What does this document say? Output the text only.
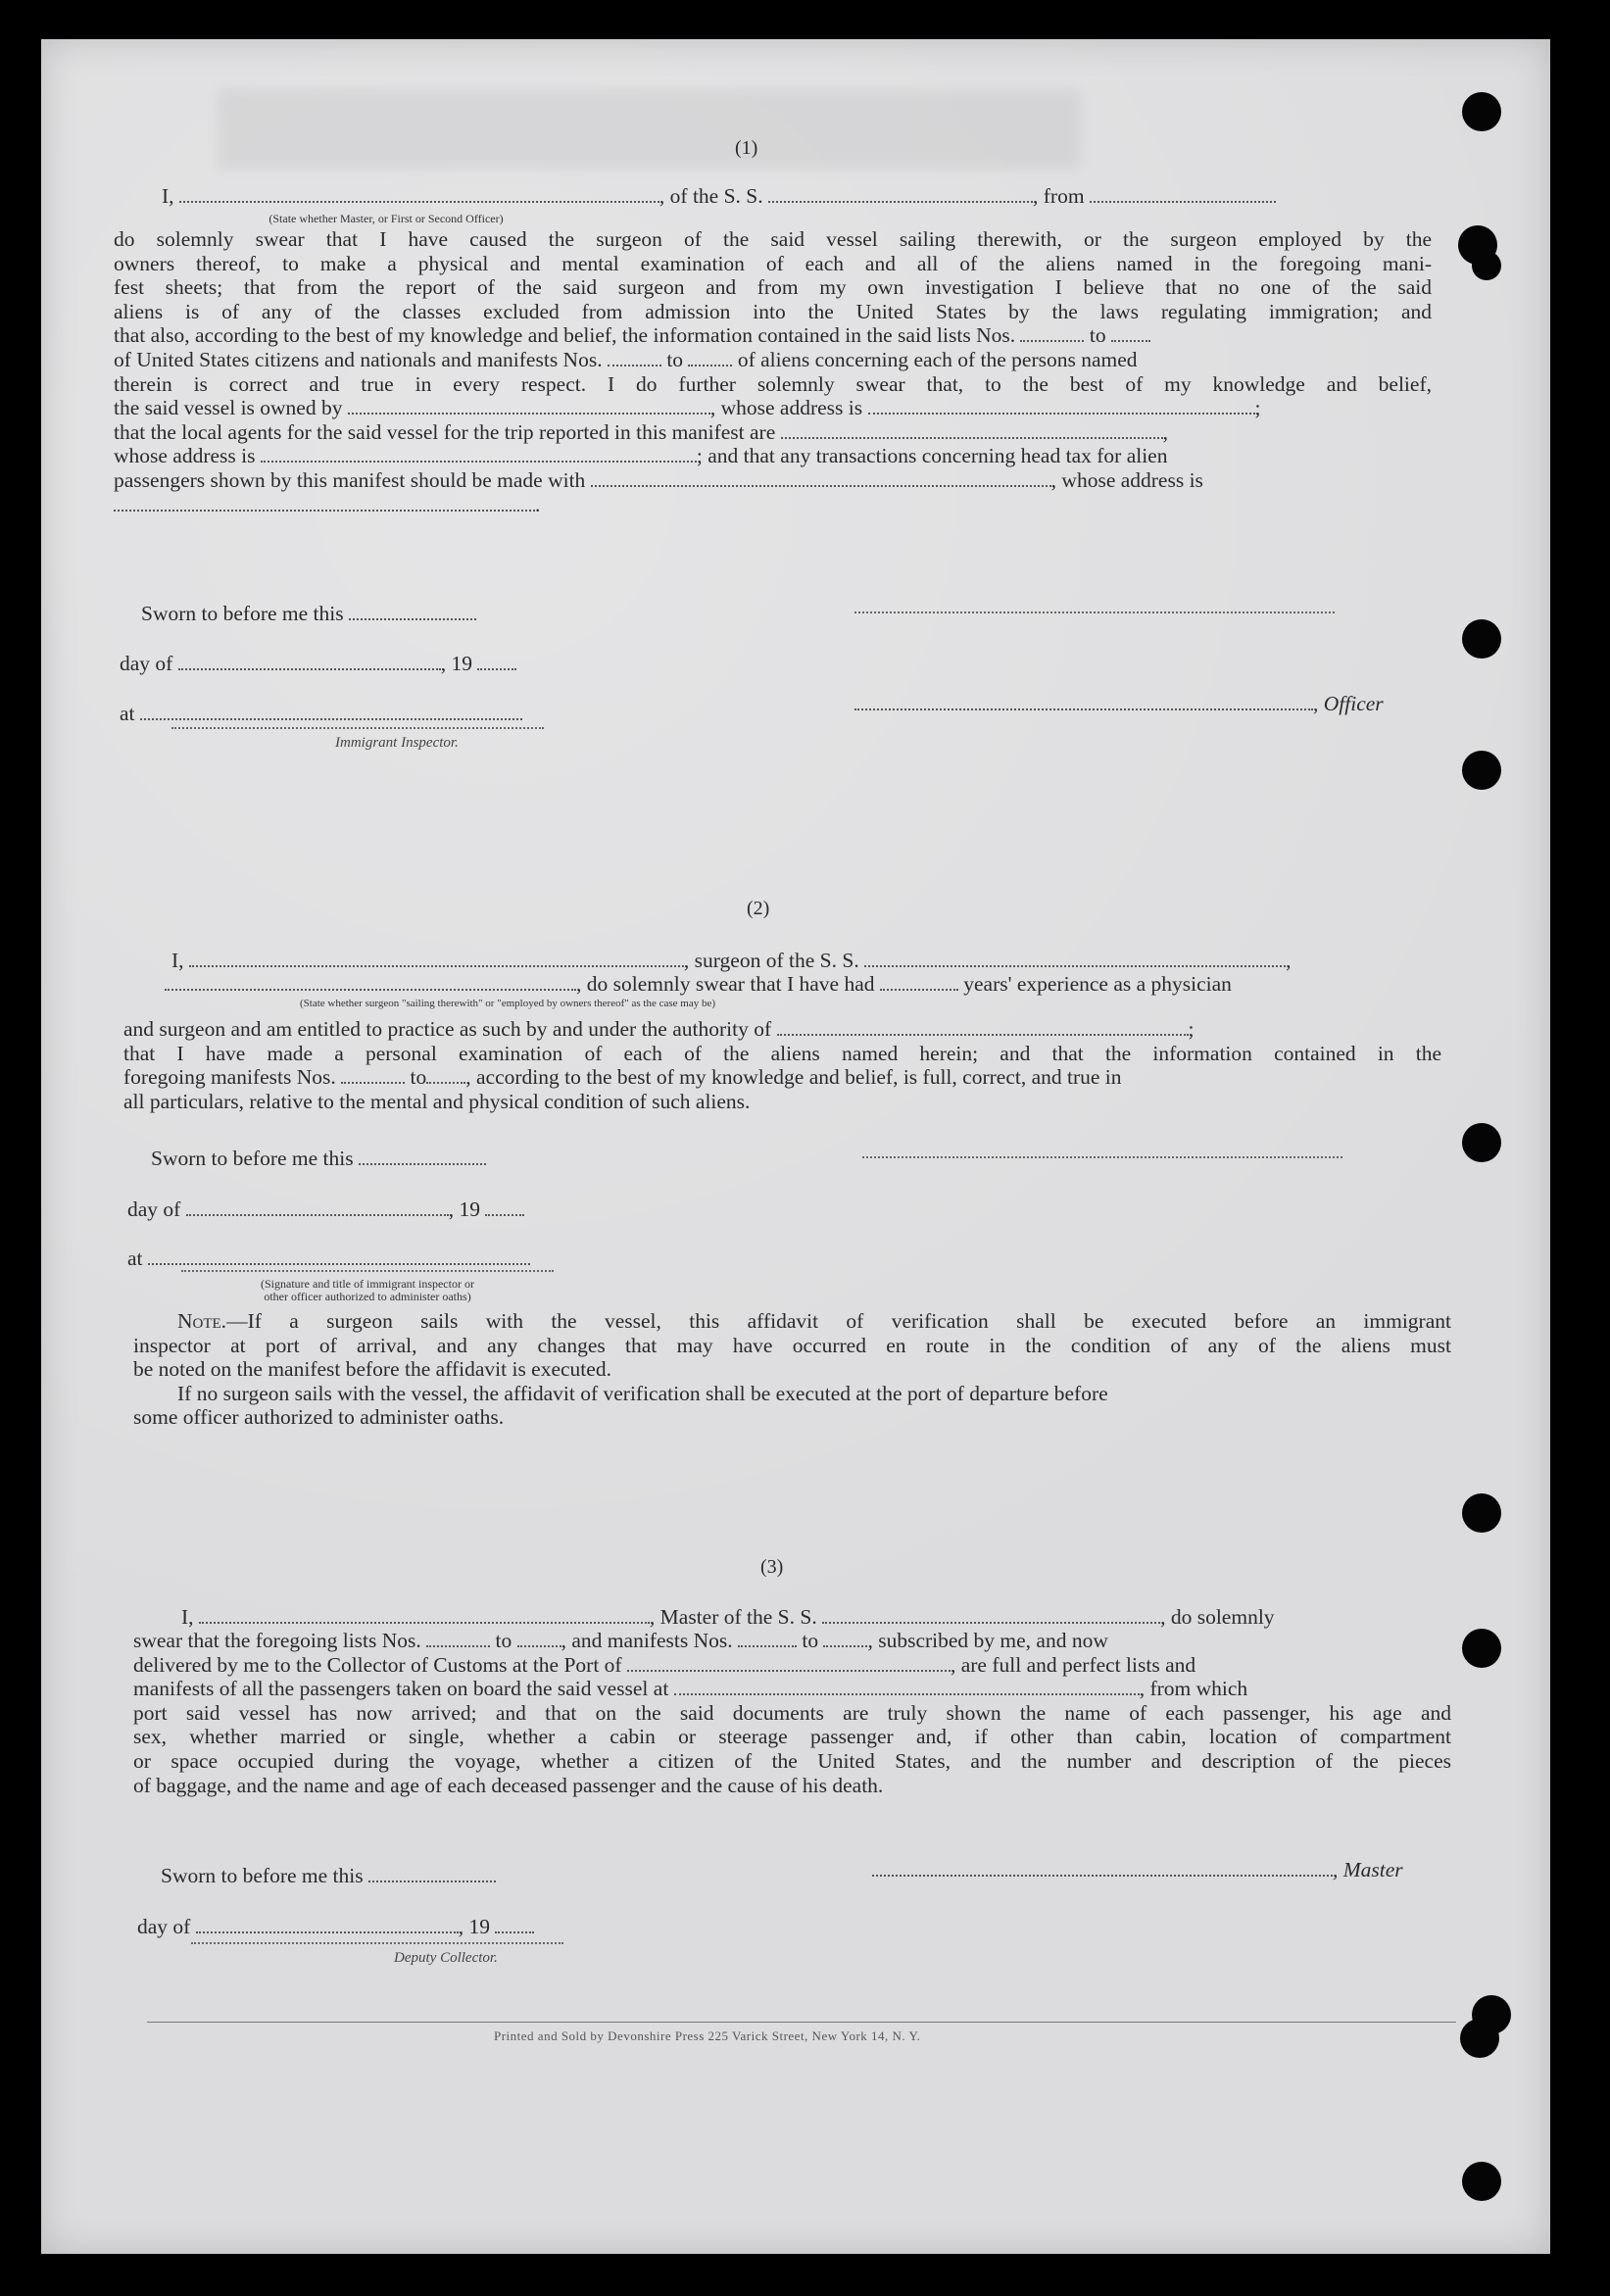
(1)
I,	, of the S. S.	, from
(State whether Master, or First or Second Officer)
do solemnly swear that I have caused the surgeon of the said vessel sailing therewith, or the surgeon employed by the
owners thereof, to make a physical and mental examination of each and all of the aliens named in the foregoing mani-
fest sheets; that from the report of the said surgeon and from my own investigation I believe that no one of the said
aliens is of any of the classes excluded from admission into the United States by the laws regulating immigration; and
that also, according to the best of my knowledge and belief, the information contained in the said lists Nos.	to
of United States citizens and nationals and manifests Nos.	to	of aliens concerning each of the persons named
therein is correct and true in every respect. I do further solemnly swear that, to the best of my knowledge and belief,
the said vessel is owned by	, whose address is	;
that the local agents for the said vessel for the trip reported in this manifest are	,
whose address is	; and that any transactions concerning head tax for alien
passengers shown by this manifest should be made with	, whose address is
.
Sworn to before me this
day of	, 19
at	, Officer
Immigrant Inspector.
(2)
I,	, surgeon of the S. S.	,
, do solemnly swear that I have had	years' experience as a physician
(State whether surgeon "sailing therewith" or "employed by owners thereof" as the case may be)
and surgeon and am entitled to practice as such by and under the authority of	;
that I have made a personal examination of each of the aliens named herein; and that the information contained in the
foregoing manifests Nos.	to , according to the best of my knowledge and belief, is full, correct, and true in
all particulars, relative to the mental and physical condition of such aliens.
Sworn to before me this
day of	, 19
at
(Signature and title of immigrant inspector or
other officer authorized to administer oaths)
Note.—If a surgeon sails with the vessel, this affidavit of verification shall be executed before an immigrant
inspector at port of arrival, and any changes that may have occurred en route in the condition of any of the aliens must
be noted on the manifest before the affidavit is executed.
If no surgeon sails with the vessel, the affidavit of verification shall be executed at the port of departure before
some officer authorized to administer oaths.
(3)
I,	, Master of the S. S.	, do solemnly
swear that the foregoing lists Nos.	to , and manifests Nos.	to , subscribed by me, and now
delivered by me to the Collector of Customs at the Port of	, are full and perfect lists and
manifests of all the passengers taken on board the said vessel at	, from which
port said vessel has now arrived; and that on the said documents are truly shown the name of each passenger, his age and
sex, whether married or single, whether a cabin or steerage passenger and, if other than cabin, location of compartment
or space occupied during the voyage, whether a citizen of the United States, and the number and description of the pieces
of baggage, and the name and age of each deceased passenger and the cause of his death.
Sworn to before me this	, Master
day of	, 19
Deputy Collector.
Printed and Sold by Devonshire Press 225 Varick Street, New York 14, N. Y.
